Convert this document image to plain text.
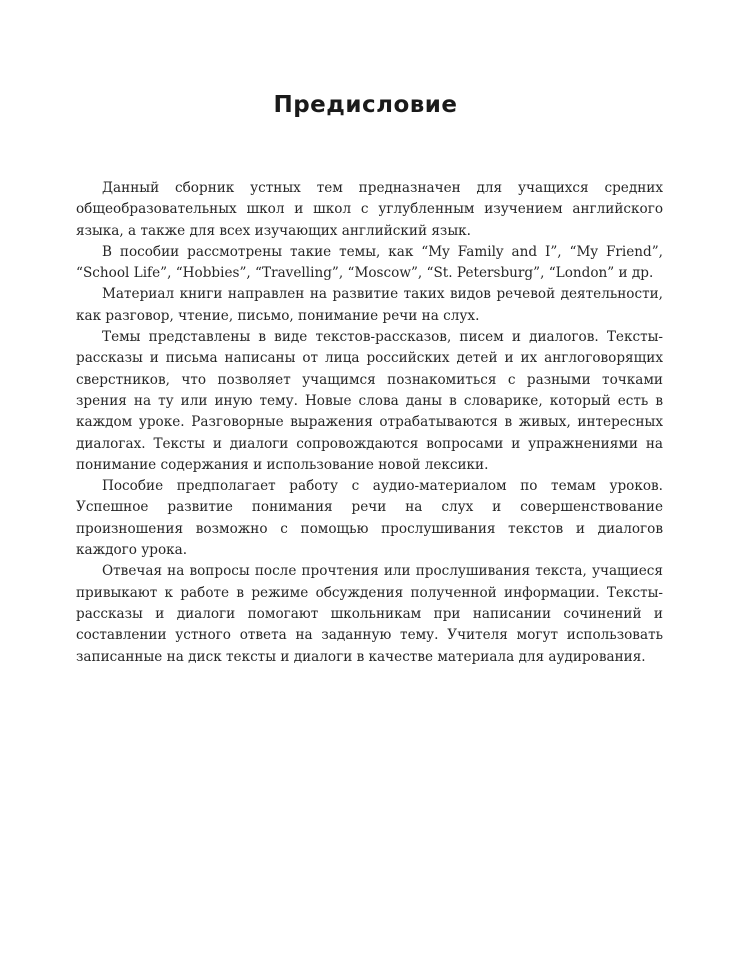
Предисловие

Данный сборник устных тем предназначен для учащихся средних общеобразовательных школ и школ с углубленным изучением английского языка, а также для всех изучающих английский язык.

В пособии рассмотрены такие темы, как “My Family and I”, “My Friend”, “School Life”, “Hobbies”, “Travelling”, “Moscow”, “St. Petersburg”, “London” и др.

Материал книги направлен на развитие таких видов речевой деятельности, как разговор, чтение, письмо, понимание речи на слух.

Темы представлены в виде текстов-рассказов, писем и диалогов. Тексты-рассказы и письма написаны от лица российских детей и их англоговорящих сверстников, что позволяет учащимся познакомиться с разными точками зрения на ту или иную тему. Новые слова даны в словарике, который есть в каждом уроке. Разговорные выражения отрабатываются в живых, интересных диалогах. Тексты и диалоги сопровождаются вопросами и упражнениями на понимание содержания и использование новой лексики.

Пособие предполагает работу с аудио-материалом по темам уроков. Успешное развитие понимания речи на слух и совершенствование произношения возможно с помощью прослушивания текстов и диалогов каждого урока.

Отвечая на вопросы после прочтения или прослушивания текста, учащиеся привыкают к работе в режиме обсуждения полученной информации. Тексты-рассказы и диалоги помогают школьникам при написании сочинений и составлении устного ответа на заданную тему. Учителя могут использовать записанные на диск тексты и диалоги в качестве материала для аудирования.
